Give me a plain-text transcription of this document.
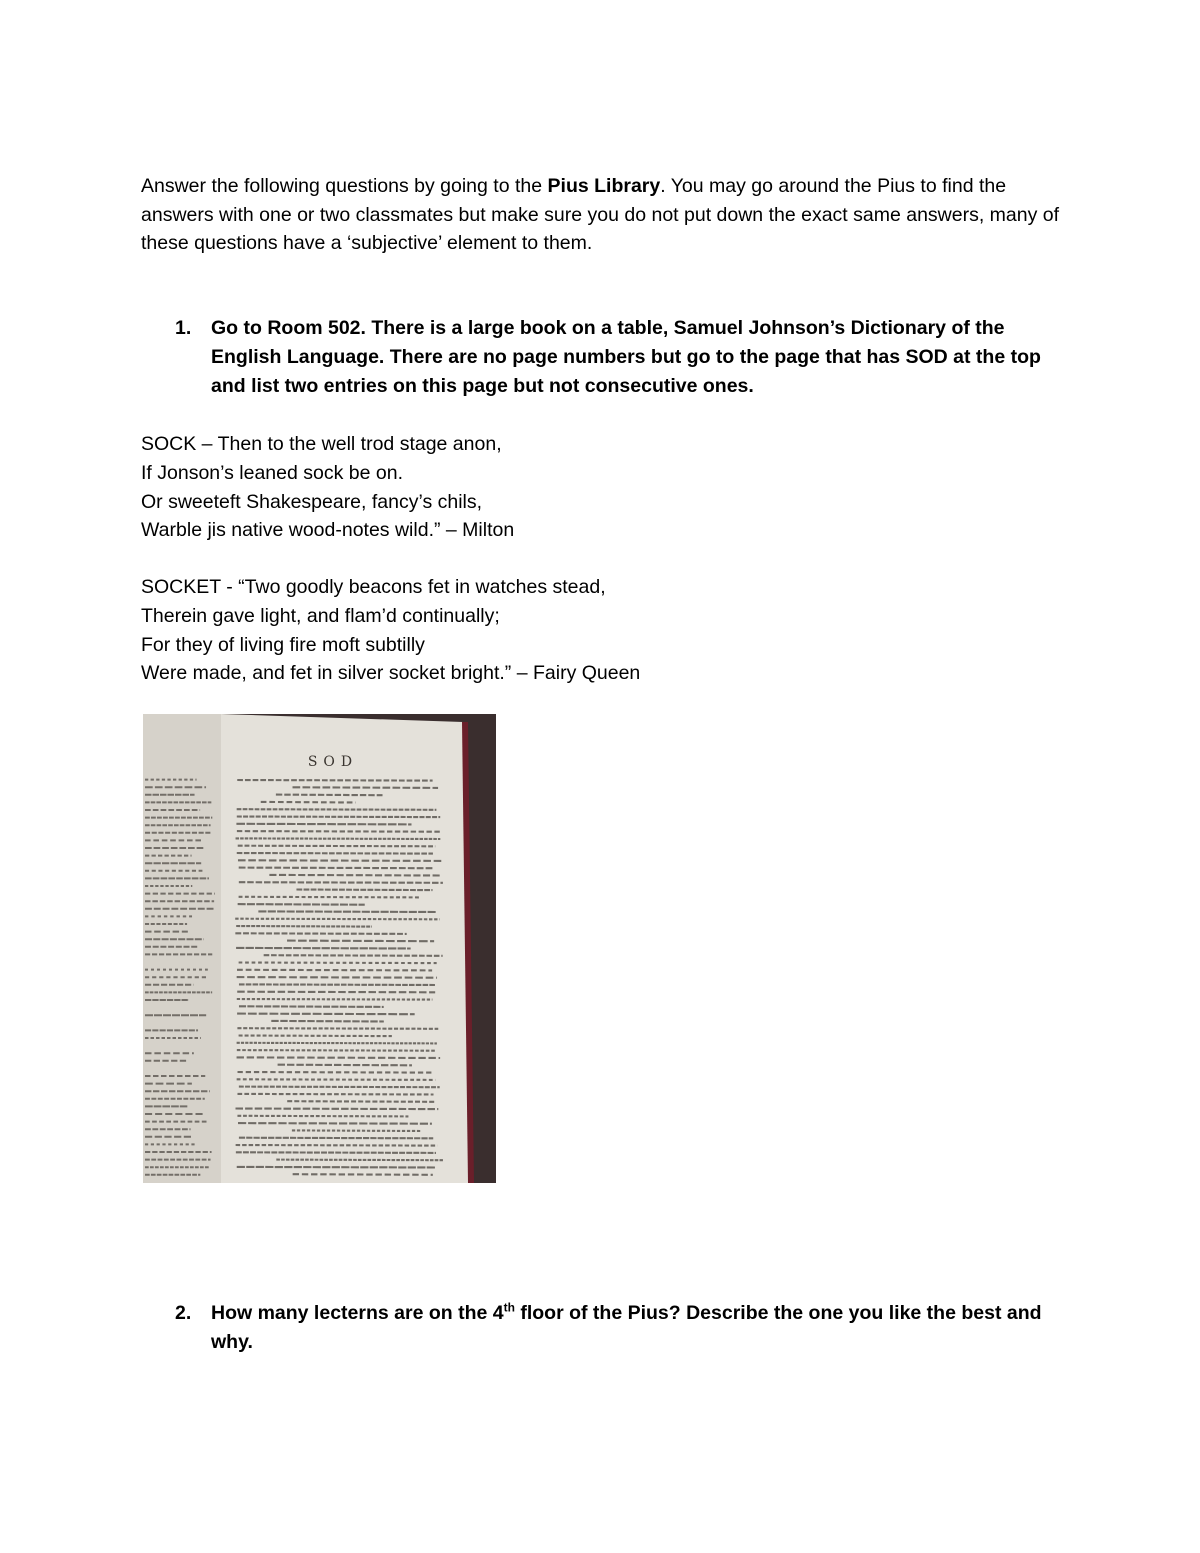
Answer the following questions by going to the Pius Library. You may go around the Pius to find the answers with one or two classmates but make sure you do not put down the exact same answers, many of these questions have a ‘subjective’ element to them.

1. Go to Room 502. There is a large book on a table, Samuel Johnson’s Dictionary of the English Language. There are no page numbers but go to the page that has SOD at the top and list two entries on this page but not consecutive ones.
SOCK – Then to the well trod stage anon,
If Jonson’s leaned sock be on.
Or sweeteft Shakespeare, fancy’s chils,
Warble jis native wood-notes wild.” – Milton
SOCKET - “Two goodly beacons fet in watches stead,
Therein gave light, and flam’d continually;
For they of living fire moft subtilly
Were made, and fet in silver socket bright.” – Fairy Queen
SOD
2. How many lecterns are on the 4th floor of the Pius? Describe the one you like the best and why.
